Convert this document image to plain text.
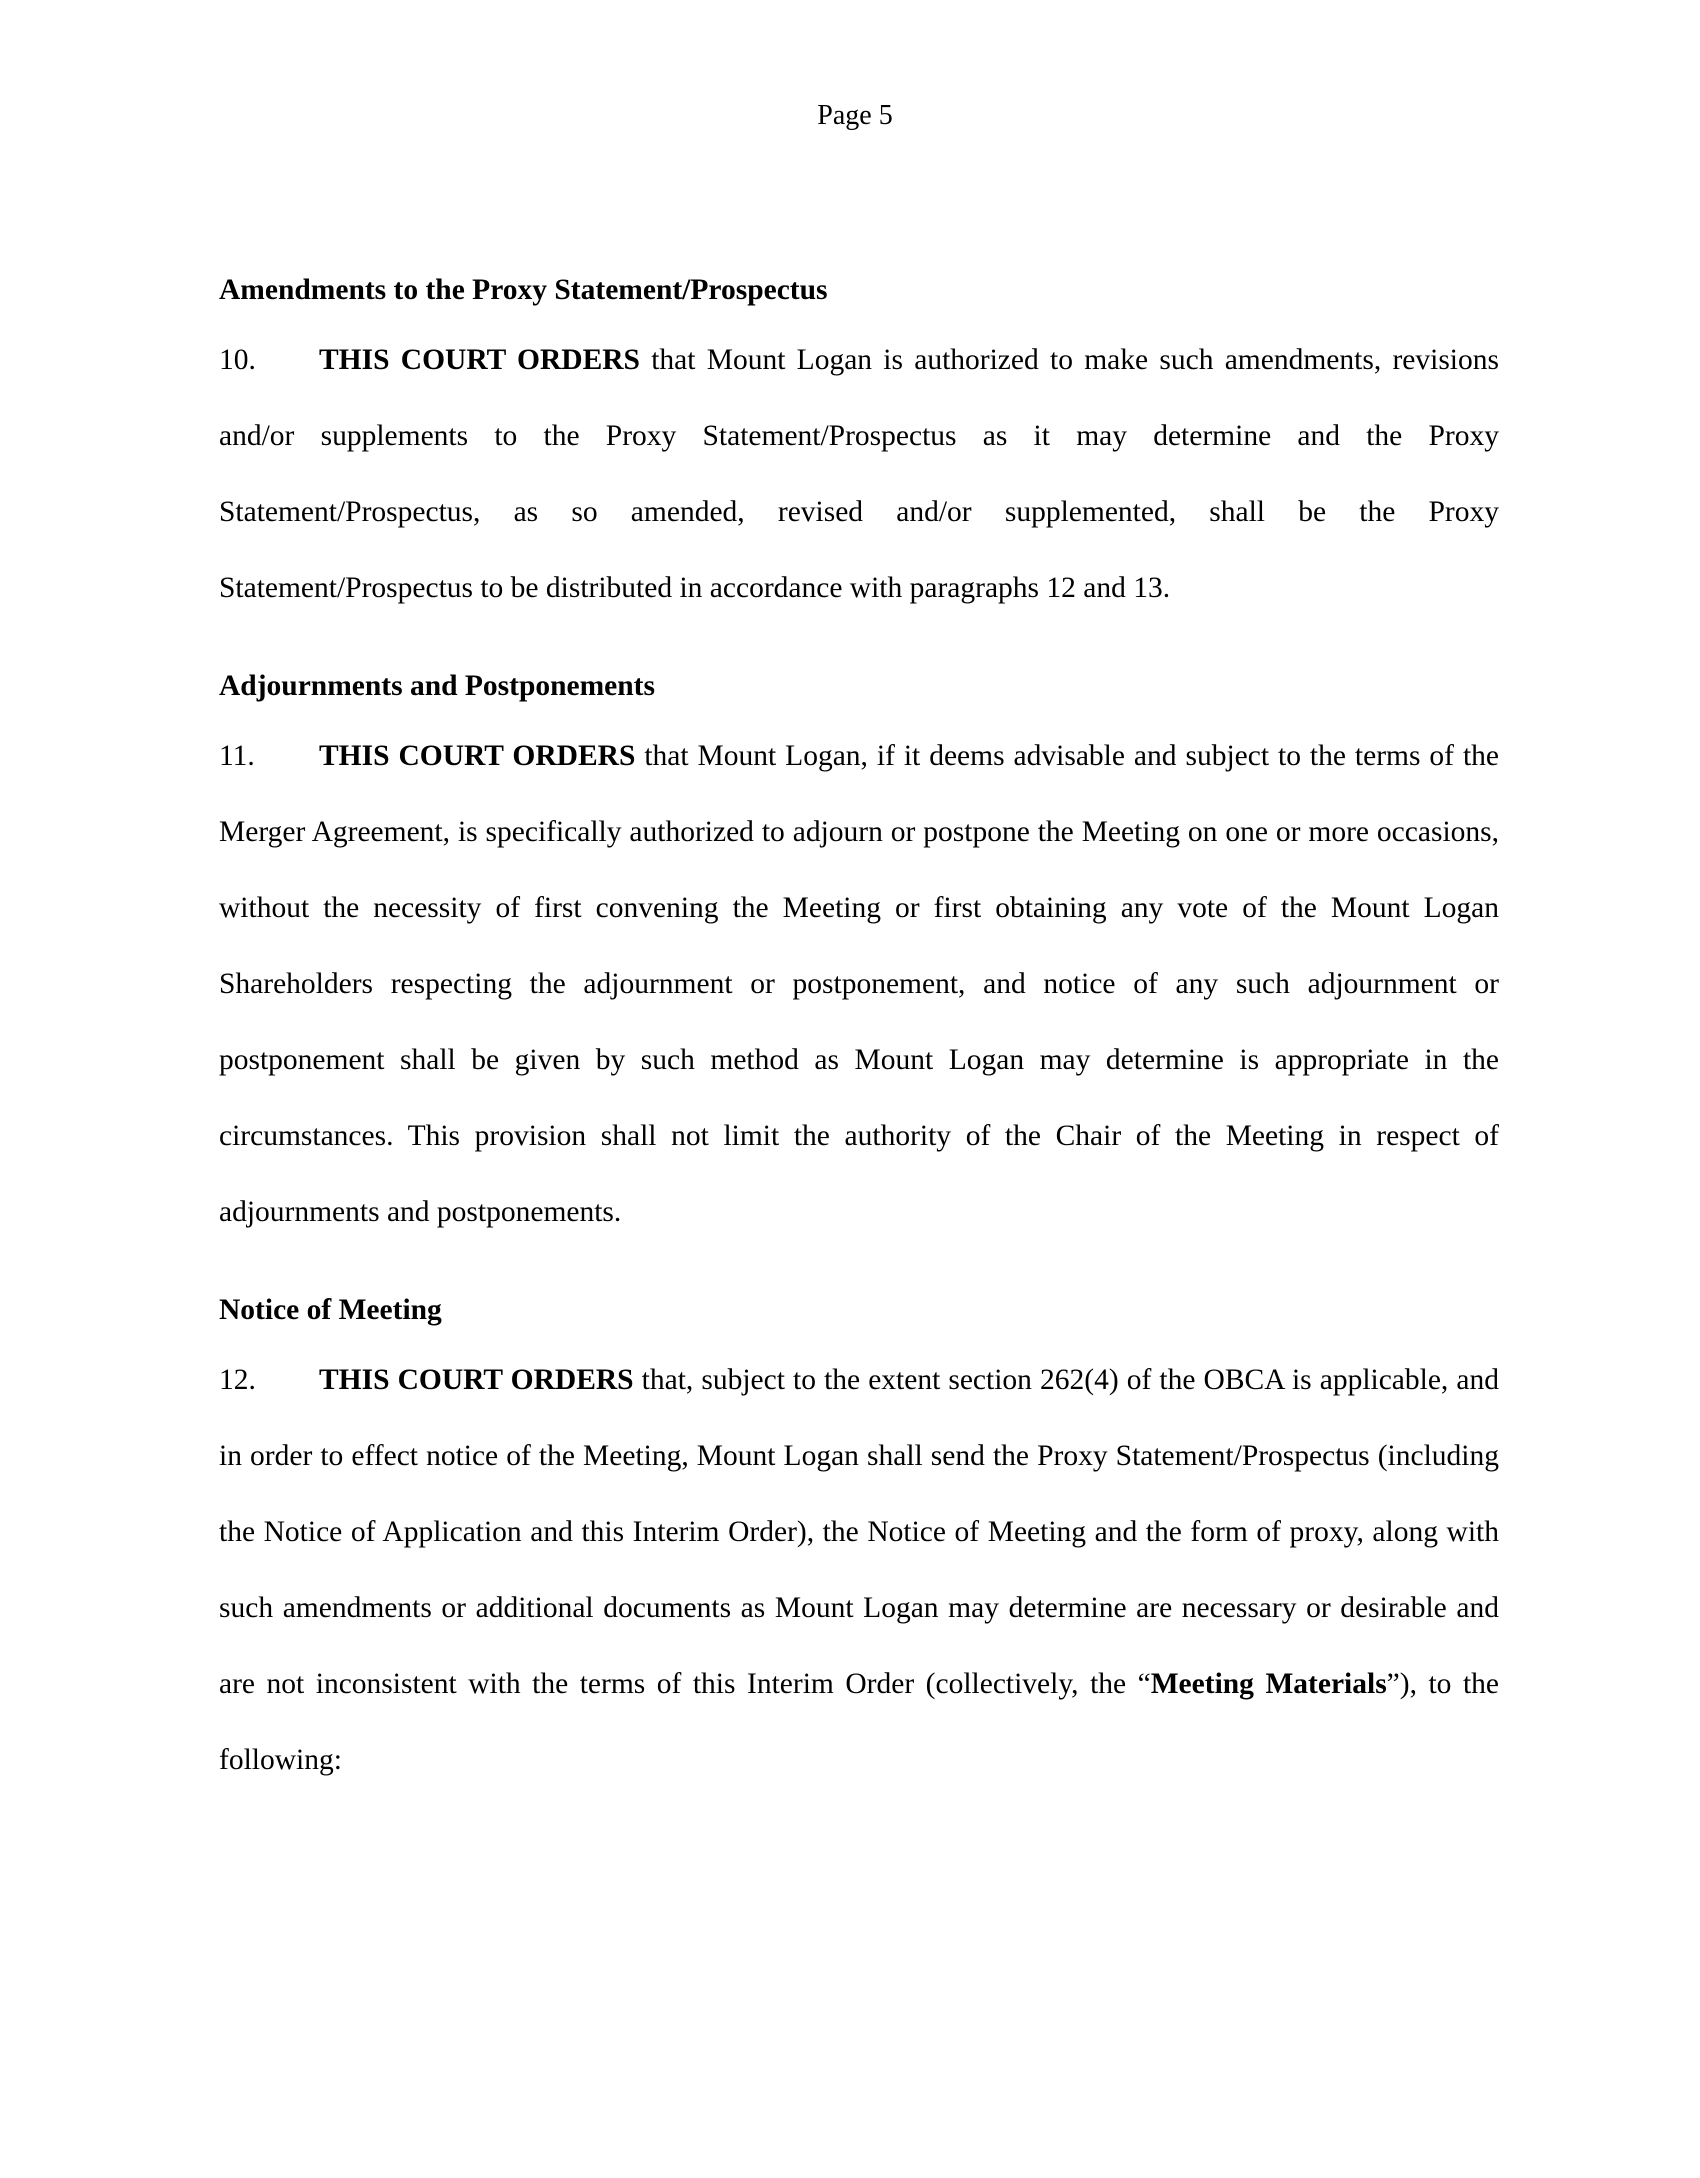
Page 5

Amendments to the Proxy Statement/Prospectus

10. THIS COURT ORDERS that Mount Logan is authorized to make such amendments, revisions and/or supplements to the Proxy Statement/Prospectus as it may determine and the Proxy Statement/Prospectus, as so amended, revised and/or supplemented, shall be the Proxy Statement/Prospectus to be distributed in accordance with paragraphs 12 and 13.

Adjournments and Postponements

11. THIS COURT ORDERS that Mount Logan, if it deems advisable and subject to the terms of the Merger Agreement, is specifically authorized to adjourn or postpone the Meeting on one or more occasions, without the necessity of first convening the Meeting or first obtaining any vote of the Mount Logan Shareholders respecting the adjournment or postponement, and notice of any such adjournment or postponement shall be given by such method as Mount Logan may determine is appropriate in the circumstances. This provision shall not limit the authority of the Chair of the Meeting in respect of adjournments and postponements.

Notice of Meeting

12. THIS COURT ORDERS that, subject to the extent section 262(4) of the OBCA is applicable, and in order to effect notice of the Meeting, Mount Logan shall send the Proxy Statement/Prospectus (including the Notice of Application and this Interim Order), the Notice of Meeting and the form of proxy, along with such amendments or additional documents as Mount Logan may determine are necessary or desirable and are not inconsistent with the terms of this Interim Order (collectively, the “Meeting Materials”), to the following:
